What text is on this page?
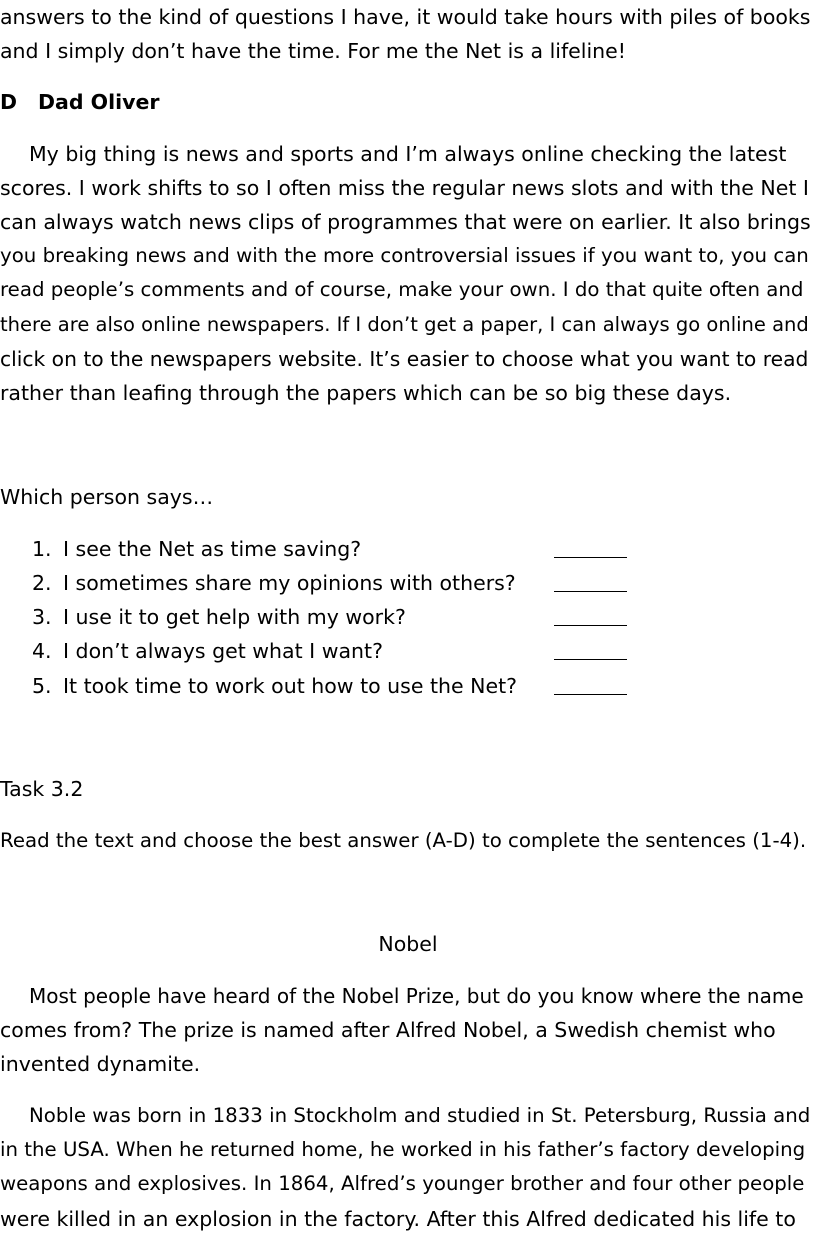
answers to the kind of questions I have, it would take hours with piles of books
and I simply don’t have the time. For me the Net is a lifeline!
D Dad Oliver
My big thing is news and sports and I’m always online checking the latest
scores. I work shifts to so I often miss the regular news slots and with the Net I
can always watch news clips of programmes that were on earlier. It also brings
you breaking news and with the more controversial issues if you want to, you can
read people’s comments and of course, make your own. I do that quite often and
there are also online newspapers. If I don’t get a paper, I can always go online and
click on to the newspapers website. It’s easier to choose what you want to read
rather than leafing through the papers which can be so big these days.
Which person says…
1. I see the Net as time saving?
2. I sometimes share my opinions with others?
3. I use it to get help with my work?
4. I don’t always get what I want?
5. It took time to work out how to use the Net?
Task 3.2
Read the text and choose the best answer (A-D) to complete the sentences (1-4).
Nobel
Most people have heard of the Nobel Prize, but do you know where the name
comes from? The prize is named after Alfred Nobel, a Swedish chemist who
invented dynamite.
Noble was born in 1833 in Stockholm and studied in St. Petersburg, Russia and
in the USA. When he returned home, he worked in his father’s factory developing
weapons and explosives. In 1864, Alfred’s younger brother and four other people
were killed in an explosion in the factory. After this Alfred dedicated his life to
